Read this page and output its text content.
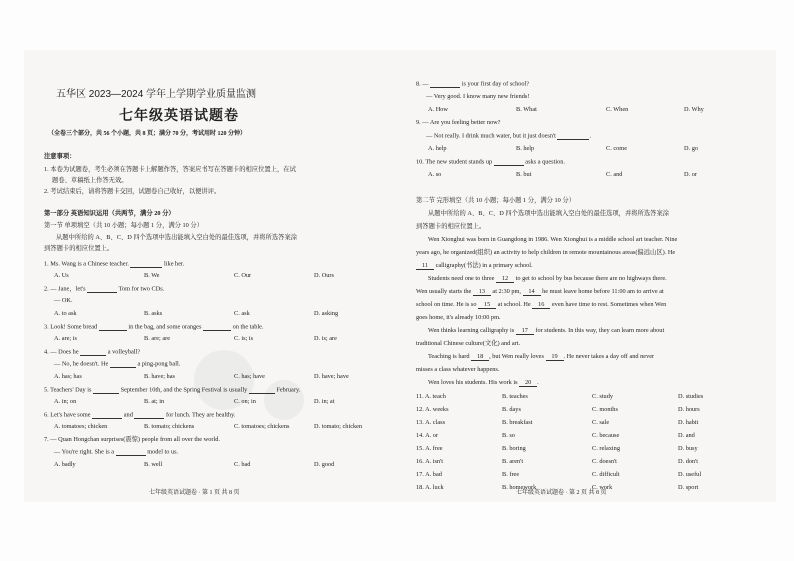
五华区 2023—2024 学年上学期学业质量监测
七年级英语试题卷
（全卷三个部分，共 56 个小题，共 8 页；满分 70 分，考试用时 120 分钟）
注意事项：
1. 本卷为试题卷，考生必须在答题卡上解题作答，答案应书写在答题卡的相应位置上，在试
题卷、草稿纸上作答无效。
2. 考试结束后，请将答题卡交回，试题卷自己收好，以便讲评。
第一部分 英语知识运用（共两节，满分 20 分）
第一节 单项填空（共 10 小题；每小题 1 分，满分 10 分）
从题中所给的 A、B、C、D 四个选项中选出能填入空白处的最佳选项，并将所选答案涂
到答题卡的相应位置上。
1. Ms. Wang is a Chinese teacher.	like her.
A. Us	B. We	C. Our	D. Ours
2. — Jane，let's	Tom for two CDs.
— OK.
A. to ask	B. asks	C. ask	D. asking
3. Look! Some bread	in the bag, and some oranges	on the table.
A. are; is	B. are; are	C. is; is	D. is; are
4. — Does he	a volleyball?
— No, he doesn't. He	a ping-pong ball.
A. has; has	B. have; has	C. has; have	D. have; have
5. Teachers' Day is	September 10th, and the Spring Festival is usually	February.
A. in; on	B. at; in	C. on; in	D. in; at
6. Let's have some	and	for lunch. They are healthy.
A. tomatoes; chicken	B. tomato; chickens	C. tomatoes; chickens	D. tomato; chicken
7. — Quan Hongchan surprises(震惊) people from all over the world.
— You're right. She is a	model to us.
A. badly	B. well	C. bad	D. good
七年级英语试题卷 · 第 1 页 共 8 页
8. —	is your first day of school?
— Very good. I know many new friends!
A. How	B. What	C. When	D. Why
9. — Are you feeling better now?
— Not really. I drink much water, but it just doesn't	.
A. help	B. help	C. come	D. go
10. The new student stands up	asks a question.
A. so	B. but	C. and	D. or
第二节 完形填空（共 10 小题；每小题 1 分，满分 10 分）
从题中所给的 A、B、C、D 四个选项中选出能填入空白处的最佳选项，并将所选答案涂
到答题卡的相应位置上。
Wen Xionghui was born in Guangdong in 1986. Wen Xionghui is a middle school art teacher. Nine
years ago, he organized(组织) an activity to help children in remote mountainous areas(偏远山区). He
11 calligraphy(书法) in a primary school.
Students need one to three 12 to get to school by bus because there are no highways there.
Wen usually starts the 13 at 2:30 pm, 14 he must leave home before 11:00 am to arrive at
school on time. He is so 15 at school. He 16 even have time to rest. Sometimes when Wen
goes home, it's already 10:00 pm.
Wen thinks learning calligraphy is 17 for students. In this way, they can learn more about
traditional Chinese culture(文化) and art.
Teaching is hard 18 , but Wen really loves 19 . He never takes a day off and never
misses a class whatever happens.
Wen loves his students. His work is 20 .
11. A. teach	B. teaches	C. study	D. studies
12. A. weeks	B. days	C. months	D. hours
13. A. class	B. breakfast	C. sale	D. habit
14. A. or	B. so	C. because	D. and
15. A. free	B. boring	C. relaxing	D. busy
16. A. isn't	B. aren't	C. doesn't	D. don't
17. A. bad	B. free	C. difficult	D. useful
18. A. luck	B. homework	C. work	D. sport
七年级英语试题卷 · 第 2 页 共 8 页
